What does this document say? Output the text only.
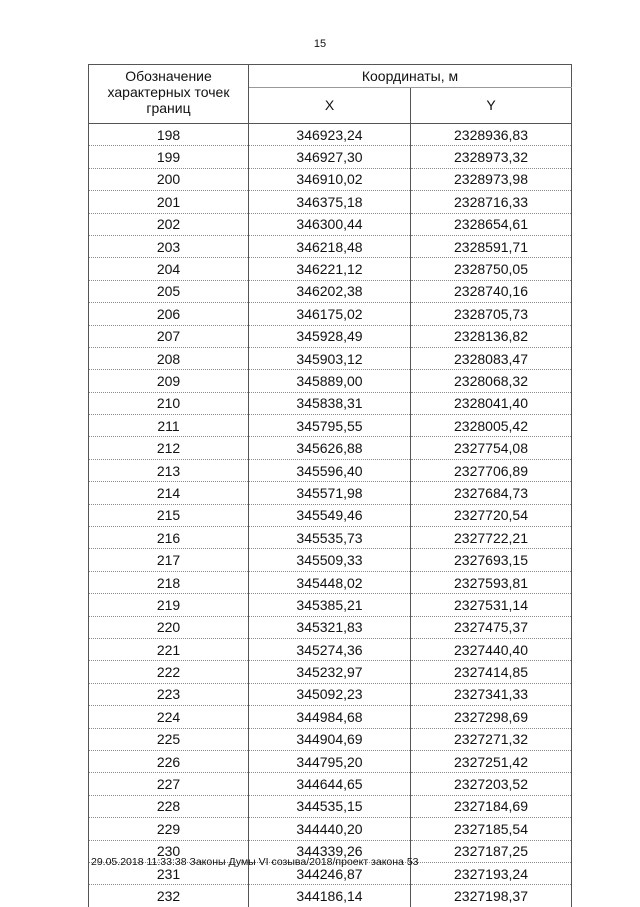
15
Обозначение характерных точек границ	Координаты, м	
	X	Y
198	346923,24	2328936,83
199	346927,30	2328973,32
200	346910,02	2328973,98
201	346375,18	2328716,33
202	346300,44	2328654,61
203	346218,48	2328591,71
204	346221,12	2328750,05
205	346202,38	2328740,16
206	346175,02	2328705,73
207	345928,49	2328136,82
208	345903,12	2328083,47
209	345889,00	2328068,32
210	345838,31	2328041,40
211	345795,55	2328005,42
212	345626,88	2327754,08
213	345596,40	2327706,89
214	345571,98	2327684,73
215	345549,46	2327720,54
216	345535,73	2327722,21
217	345509,33	2327693,15
218	345448,02	2327593,81
219	345385,21	2327531,14
220	345321,83	2327475,37
221	345274,36	2327440,40
222	345232,97	2327414,85
223	345092,23	2327341,33
224	344984,68	2327298,69
225	344904,69	2327271,32
226	344795,20	2327251,42
227	344644,65	2327203,52
228	344535,15	2327184,69
229	344440,20	2327185,54
230	344339,26	2327187,25
231	344246,87	2327193,24
232	344186,14	2327198,37
29.05.2018 11:33:38 Законы Думы VI созыва/2018/проект закона 53
